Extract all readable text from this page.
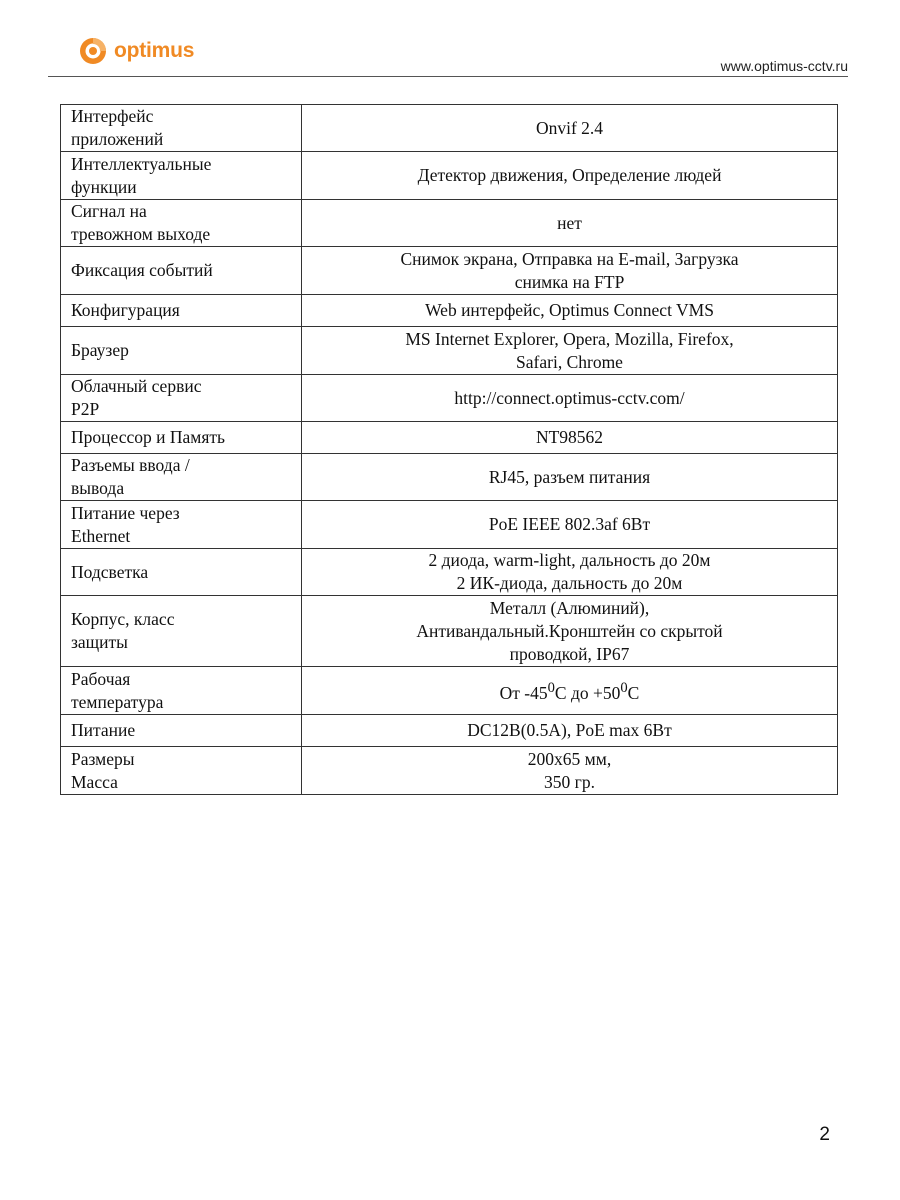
optimus
www.optimus-cctv.ru
Интерфейс
приложений	Onvif 2.4
Интеллектуальные
функции	Детектор движения, Определение людей
Сигнал на
тревожном выходе	нет
Фиксация событий	Снимок экрана, Отправка на E-mail, Загрузка
снимка на FTP
Конфигурация	Web интерфейс, Optimus Connect VMS
Браузер	MS Internet Explorer, Opera, Mozilla, Firefox,
Safari, Chrome
Облачный сервис
P2P	http://connect.optimus-cctv.com/
Процессор и Память	NT98562
Разъемы ввода /
вывода	RJ45, разъем питания
Питание через
Ethernet	PoE IEEE 802.3af 6Вт
Подсветка	2 диода, warm-light, дальность до 20м
2 ИК-диода, дальность до 20м
Корпус, класс
защиты	Металл (Алюминий),
Антивандальный.Кронштейн со скрытой
проводкой, IP67
Рабочая
температура	От $-45^0С$ до $+50^0С$
Питание	DC12В(0.5А), PoE max 6Вт
Размеры
Масса	200x65 мм,
350 гр.
2
